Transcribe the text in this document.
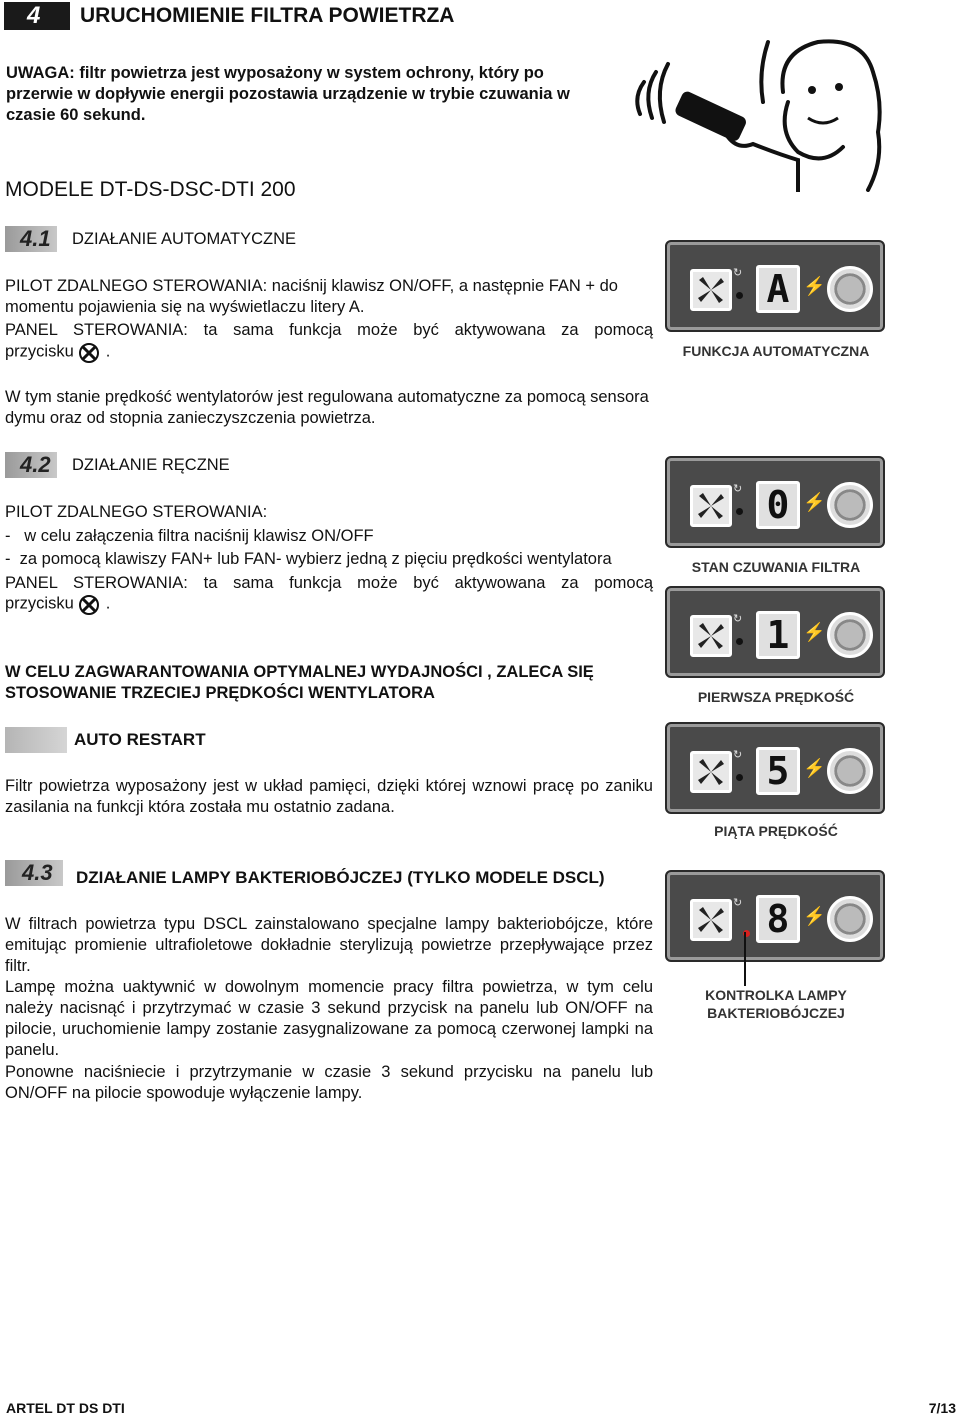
4 URUCHOMIENIE FILTRA POWIETRZA
UWAGA: filtr powietrza jest wyposażony w system ochrony, który po przerwie w dopływie energii pozostawia urządzenie w trybie czuwania w czasie 60 sekund.
MODELE DT-DS-DSC-DTI 200
4.1 DZIAŁANIE AUTOMATYCZNE
PILOT ZDALNEGO STEROWANIA: naciśnij klawisz ON/OFF, a następnie FAN + do momentu pojawienia się na wyświetlaczu litery A.
PANEL STEROWANIA: ta sama funkcja może być aktywowana za pomocą
przycisku .
W tym stanie prędkość wentylatorów jest regulowana automatyczne za pomocą sensora dymu oraz od stopnia zanieczyszczenia powietrza.
4.2 DZIAŁANIE RĘCZNE
PILOT ZDALNEGO STEROWANIA:
-   w celu załączenia filtra naciśnij klawisz ON/OFF
-  za pomocą klawiszy FAN+ lub FAN- wybierz jedną z pięciu prędkości wentylatora
PANEL STEROWANIA: ta sama funkcja może być aktywowana za pomocą
przycisku .
W CELU ZAGWARANTOWANIA OPTYMALNEJ WYDAJNOŚCI , ZALECA SIĘ STOSOWANIE TRZECIEJ PRĘDKOŚCI WENTYLATORA
AUTO RESTART
Filtr powietrza wyposażony jest w układ pamięci, dzięki której wznowi pracę po zaniku zasilania na funkcji która została mu ostatnio zadana.
4.3 DZIAŁANIE LAMPY BAKTERIOBÓJCZEJ (TYLKO MODELE DSCL)
W filtrach powietrza typu DSCL zainstalowano specjalne lampy bakteriobójcze, które emitując promienie ultrafioletowe dokładnie sterylizują powietrze przepływające przez filtr.
Lampę można uaktywnić w dowolnym momencie pracy filtra powietrza, w tym celu należy nacisnąć i przytrzymać w czasie 3 sekund przycisk na panelu lub ON/OFF na pilocie, uruchomienie lampy zostanie zasygnalizowane za pomocą czerwonej lampki na panelu.
Ponowne naciśniecie i przytrzymanie w czasie 3 sekund przycisku na panelu lub ON/OFF na pilocie spowoduje wyłączenie lampy.
↻ A ⚡
FUNKCJA AUTOMATYCZNA
↻ 0 ⚡
STAN CZUWANIA FILTRA
↻ 1 ⚡
PIERWSZA PRĘDKOŚĆ
↻ 5 ⚡
PIĄTA PRĘDKOŚĆ
↻ 8 ⚡
KONTROLKA LAMPY BAKTERIOBÓJCZEJ
ARTEL DT DS DTI	7/13
